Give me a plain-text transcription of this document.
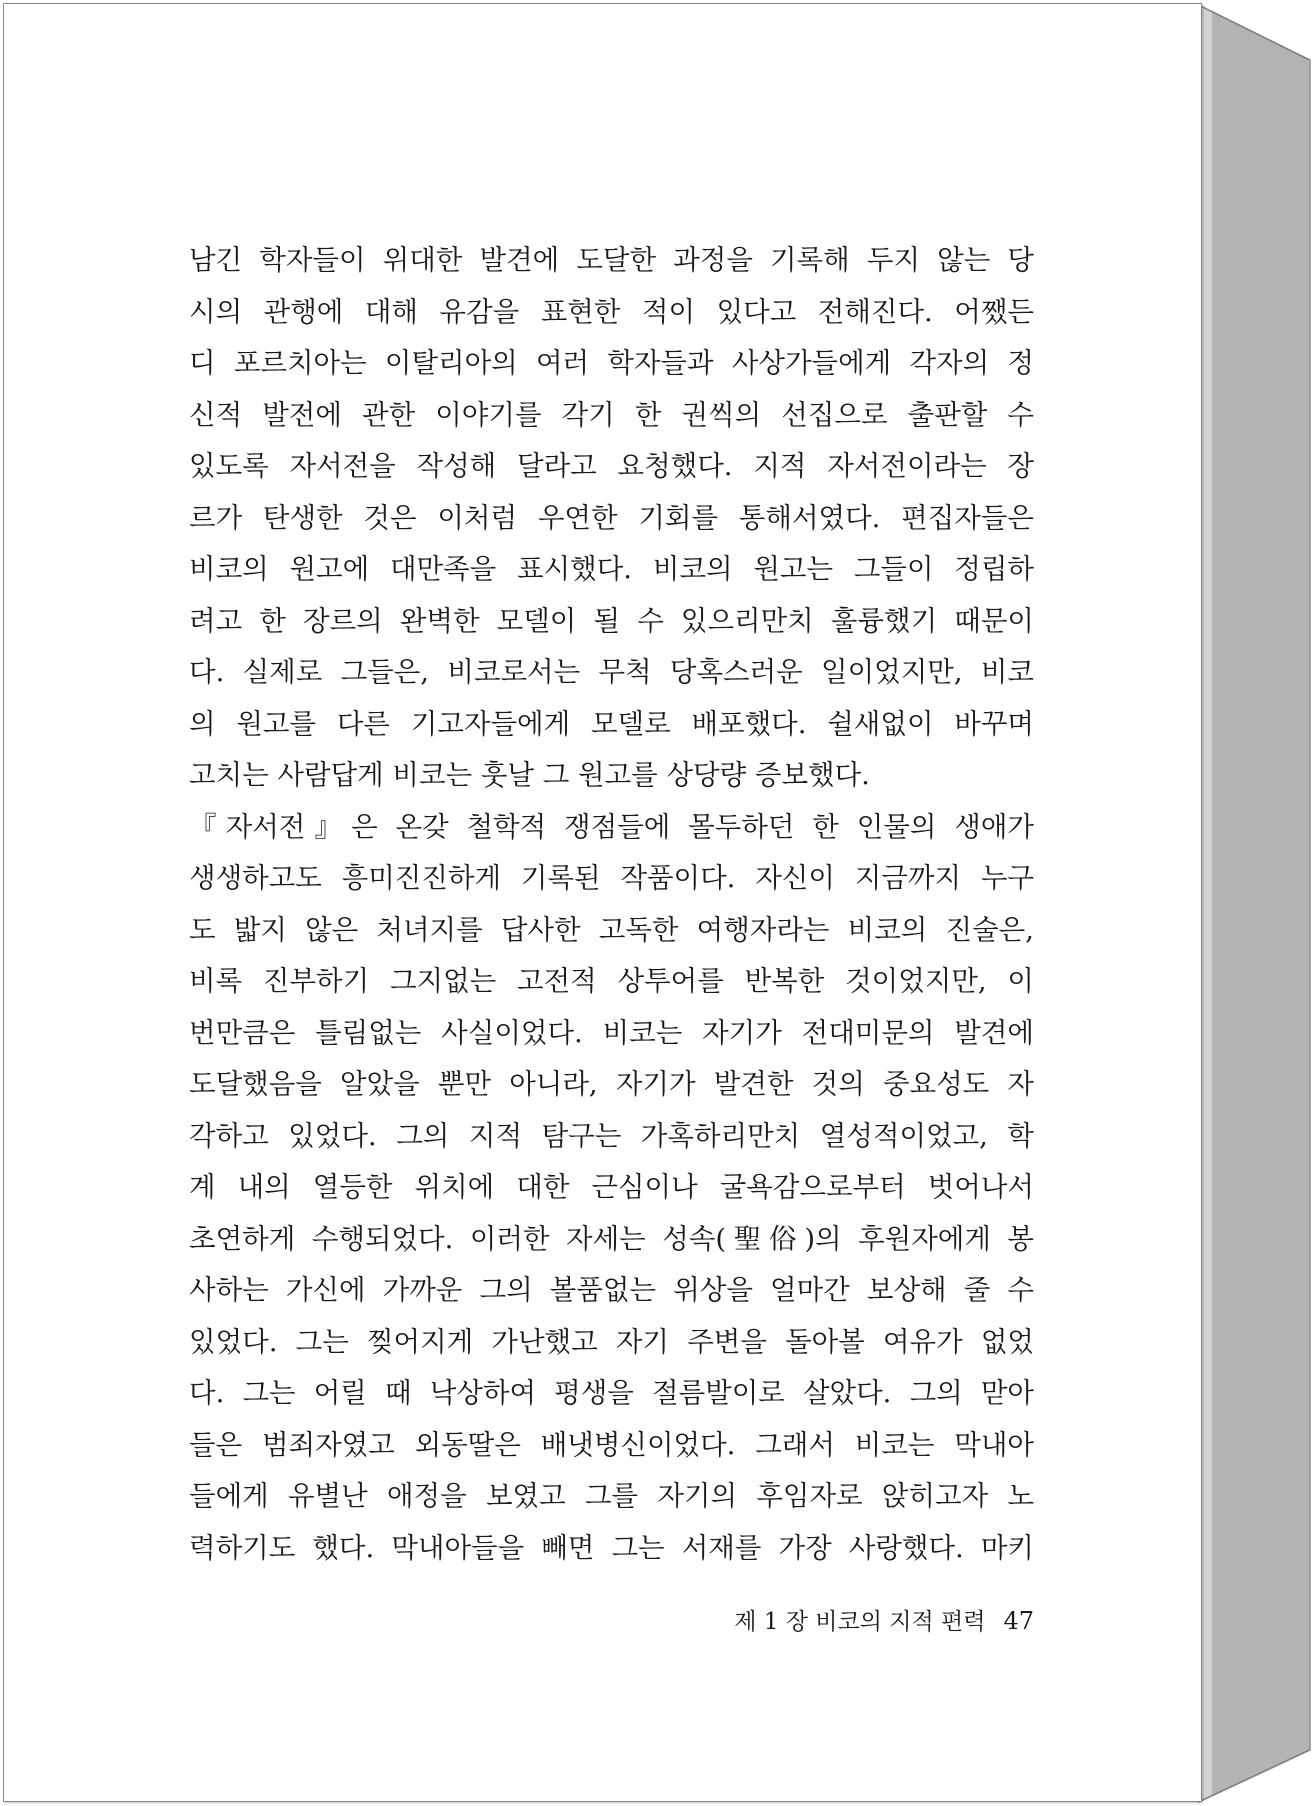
남긴 학자들이 위대한 발견에 도달한 과정을 기록해 두지 않는 당
시의 관행에 대해 유감을 표현한 적이 있다고 전해진다. 어쨌든
디 포르치아는 이탈리아의 여러 학자들과 사상가들에게 각자의 정
신적 발전에 관한 이야기를 각기 한 권씩의 선집으로 출판할 수
있도록 자서전을 작성해 달라고 요청했다. 지적 자서전이라는 장
르가 탄생한 것은 이처럼 우연한 기회를 통해서였다. 편집자들은
비코의 원고에 대만족을 표시했다. 비코의 원고는 그들이 정립하
려고 한 장르의 완벽한 모델이 될 수 있으리만치 훌륭했기 때문이
다. 실제로 그들은, 비코로서는 무척 당혹스러운 일이었지만, 비코
의 원고를 다른 기고자들에게 모델로 배포했다. 쉴새없이 바꾸며
고치는 사람답게 비코는 훗날 그 원고를 상당량 증보했다.
『자서전』은 온갖 철학적 쟁점들에 몰두하던 한 인물의 생애가
생생하고도 흥미진진하게 기록된 작품이다. 자신이 지금까지 누구
도 밟지 않은 처녀지를 답사한 고독한 여행자라는 비코의 진술은,
비록 진부하기 그지없는 고전적 상투어를 반복한 것이었지만, 이
번만큼은 틀림없는 사실이었다. 비코는 자기가 전대미문의 발견에
도달했음을 알았을 뿐만 아니라, 자기가 발견한 것의 중요성도 자
각하고 있었다. 그의 지적 탐구는 가혹하리만치 열성적이었고, 학
계 내의 열등한 위치에 대한 근심이나 굴욕감으로부터 벗어나서
초연하게 수행되었다. 이러한 자세는 성속(聖俗)의 후원자에게 봉
사하는 가신에 가까운 그의 볼품없는 위상을 얼마간 보상해 줄 수
있었다. 그는 찢어지게 가난했고 자기 주변을 돌아볼 여유가 없었
다. 그는 어릴 때 낙상하여 평생을 절름발이로 살았다. 그의 맏아
들은 범죄자였고 외동딸은 배냇병신이었다. 그래서 비코는 막내아
들에게 유별난 애정을 보였고 그를 자기의 후임자로 앉히고자 노
력하기도 했다. 막내아들을 빼면 그는 서재를 가장 사랑했다. 마키
제 1 장 비코의 지적 편력 47
